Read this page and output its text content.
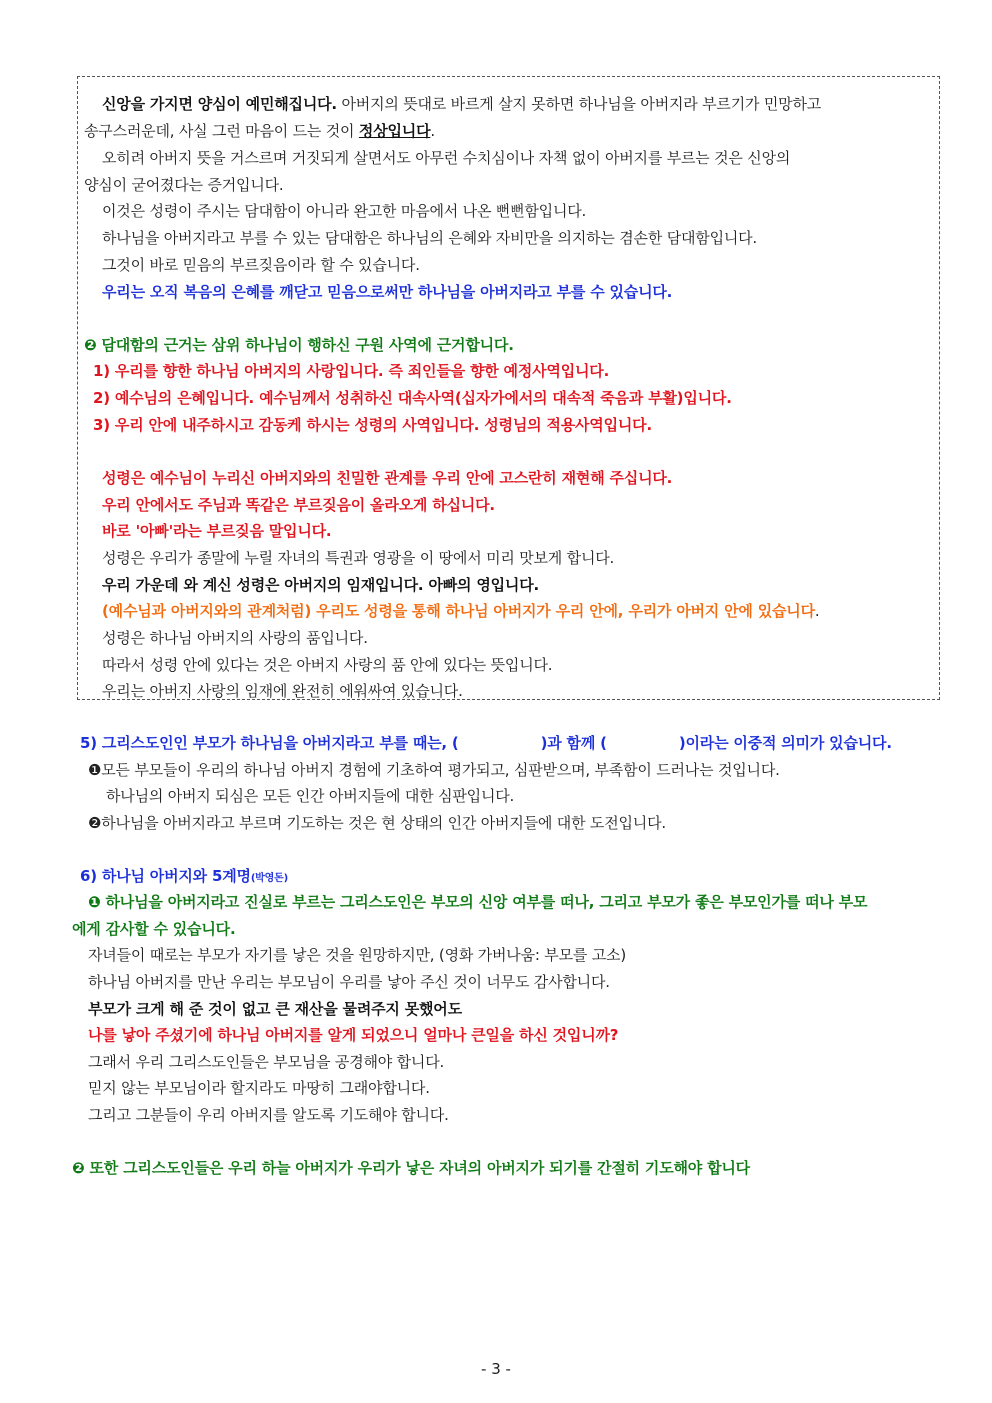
신앙을 가지면 양심이 예민해집니다. 아버지의 뜻대로 바르게 살지 못하면 하나님을 아버지라 부르기가 민망하고
송구스러운데, 사실 그런 마음이 드는 것이 정상입니다.
오히려 아버지 뜻을 거스르며 거짓되게 살면서도 아무런 수치심이나 자책 없이 아버지를 부르는 것은 신앙의
양심이 굳어졌다는 증거입니다.
이것은 성령이 주시는 담대함이 아니라 완고한 마음에서 나온 뻔뻔함입니다.
하나님을 아버지라고 부를 수 있는 담대함은 하나님의 은혜와 자비만을 의지하는 겸손한 담대함입니다.
그것이 바로 믿음의 부르짖음이라 할 수 있습니다.
우리는 오직 복음의 은혜를 깨닫고 믿음으로써만 하나님을 아버지라고 부를 수 있습니다.
❷ 담대함의 근거는 삼위 하나님이 행하신 구원 사역에 근거합니다.
1) 우리를 향한 하나님 아버지의 사랑입니다. 즉 죄인들을 향한 예정사역입니다.
2) 예수님의 은혜입니다. 예수님께서 성취하신 대속사역(십자가에서의 대속적 죽음과 부활)입니다.
3) 우리 안에 내주하시고 감동케 하시는 성령의 사역입니다. 성령님의 적용사역입니다.
성령은 예수님이 누리신 아버지와의 친밀한 관계를 우리 안에 고스란히 재현해 주십니다.
우리 안에서도 주님과 똑같은 부르짖음이 올라오게 하십니다.
바로 '아빠'라는 부르짖음 말입니다.
성령은 우리가 종말에 누릴 자녀의 특권과 영광을 이 땅에서 미리 맛보게 합니다.
우리 가운데 와 계신 성령은 아버지의 임재입니다. 아빠의 영입니다.
(예수님과 아버지와의 관계처럼) 우리도 성령을 통해 하나님 아버지가 우리 안에, 우리가 아버지 안에 있습니다.
성령은 하나님 아버지의 사랑의 품입니다.
따라서 성령 안에 있다는 것은 아버지 사랑의 품 안에 있다는 뜻입니다.
우리는 아버지 사랑의 임재에 완전히 에워싸여 있습니다.
5) 그리스도인인 부모가 하나님을 아버지라고 부를 때는, (	)과 함께 (	)이라는 이중적 의미가 있습니다.
❶모든 부모들이 우리의 하나님 아버지 경험에 기초하여 평가되고, 심판받으며, 부족함이 드러나는 것입니다.
하나님의 아버지 되심은 모든 인간 아버지들에 대한 심판입니다.
❷하나님을 아버지라고 부르며 기도하는 것은 현 상태의 인간 아버지들에 대한 도전입니다.
6) 하나님 아버지와 5계명(박영돈)
❶ 하나님을 아버지라고 진실로 부르는 그리스도인은 부모의 신앙 여부를 떠나, 그리고 부모가 좋은 부모인가를 떠나 부모
에게 감사할 수 있습니다.
자녀들이 때로는 부모가 자기를 낳은 것을 원망하지만, (영화 가버나움: 부모를 고소)
하나님 아버지를 만난 우리는 부모님이 우리를 낳아 주신 것이 너무도 감사합니다.
부모가 크게 해 준 것이 없고 큰 재산을 물려주지 못했어도
나를 낳아 주셨기에 하나님 아버지를 알게 되었으니 얼마나 큰일을 하신 것입니까?
그래서 우리 그리스도인들은 부모님을 공경해야 합니다.
믿지 않는 부모님이라 할지라도 마땅히 그래야합니다.
그리고 그분들이 우리 아버지를 알도록 기도해야 합니다.
❷ 또한 그리스도인들은 우리 하늘 아버지가 우리가 낳은 자녀의 아버지가 되기를 간절히 기도해야 합니다
- 3 -
